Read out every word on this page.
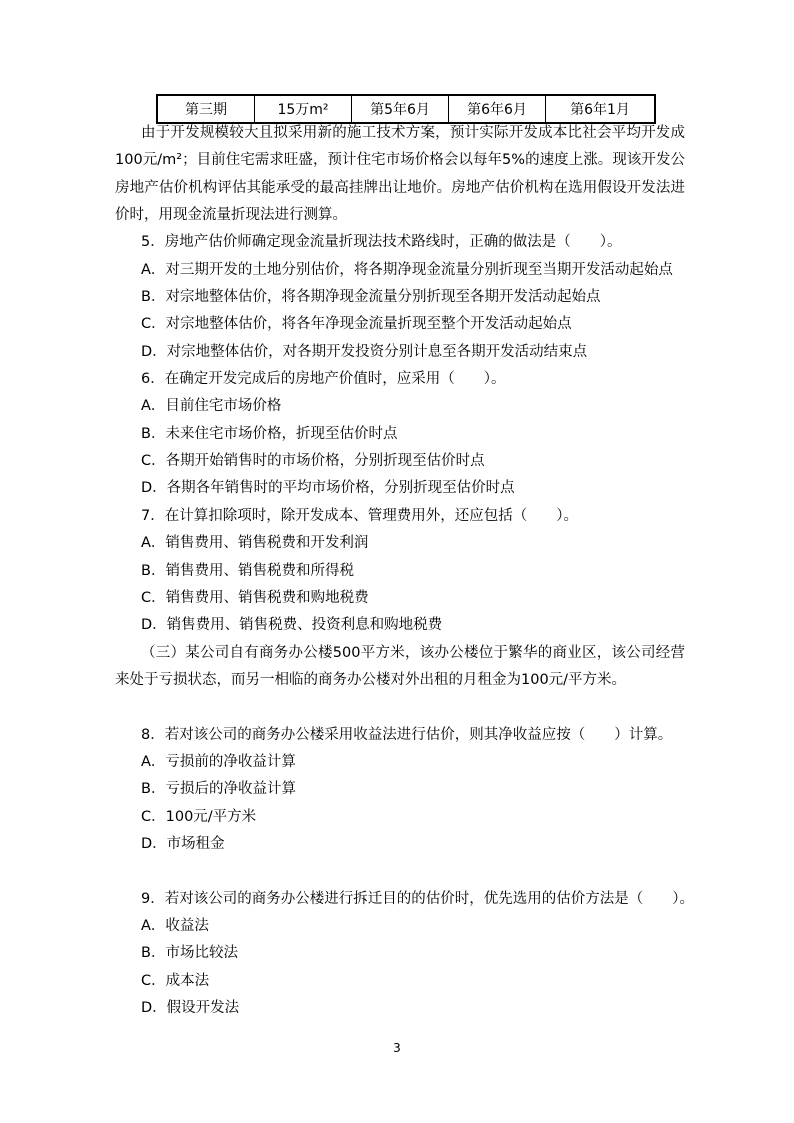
第三期	15万m²	第5年6月	第6年6月	第6年1月
由于开发规模较大且拟采用新的施工技术方案，预计实际开发成本比社会平均开发成
100元/m²；目前住宅需求旺盛，预计住宅市场价格会以每年5%的速度上涨。现该开发公
房地产估价机构评估其能承受的最高挂牌出让地价。房地产估价机构在选用假设开发法进
价时，用现金流量折现法进行测算。
5．房地产估价师确定现金流量折现法技术路线时，正确的做法是（　　）。
A．对三期开发的土地分别估价，将各期净现金流量分别折现至当期开发活动起始点
B．对宗地整体估价，将各期净现金流量分别折现至各期开发活动起始点
C．对宗地整体估价，将各年净现金流量折现至整个开发活动起始点
D．对宗地整体估价，对各期开发投资分别计息至各期开发活动结束点
6．在确定开发完成后的房地产价值时，应采用（　　）。
A．目前住宅市场价格
B．未来住宅市场价格，折现至估价时点
C．各期开始销售时的市场价格，分别折现至估价时点
D．各期各年销售时的平均市场价格，分别折现至估价时点
7．在计算扣除项时，除开发成本、管理费用外，还应包括（　　）。
A．销售费用、销售税费和开发利润
B．销售费用、销售税费和所得税
C．销售费用、销售税费和购地税费
D．销售费用、销售税费、投资利息和购地税费
（三）某公司自有商务办公楼500平方米，该办公楼位于繁华的商业区，该公司经营
来处于亏损状态，而另一相临的商务办公楼对外出租的月租金为100元/平方米。
8．若对该公司的商务办公楼采用收益法进行估价，则其净收益应按（　　）计算。
A．亏损前的净收益计算
B．亏损后的净收益计算
C．100元/平方米
D．市场租金
9．若对该公司的商务办公楼进行拆迁目的的估价时，优先选用的估价方法是（　　）。
A．收益法
B．市场比较法
C．成本法
D．假设开发法
3
